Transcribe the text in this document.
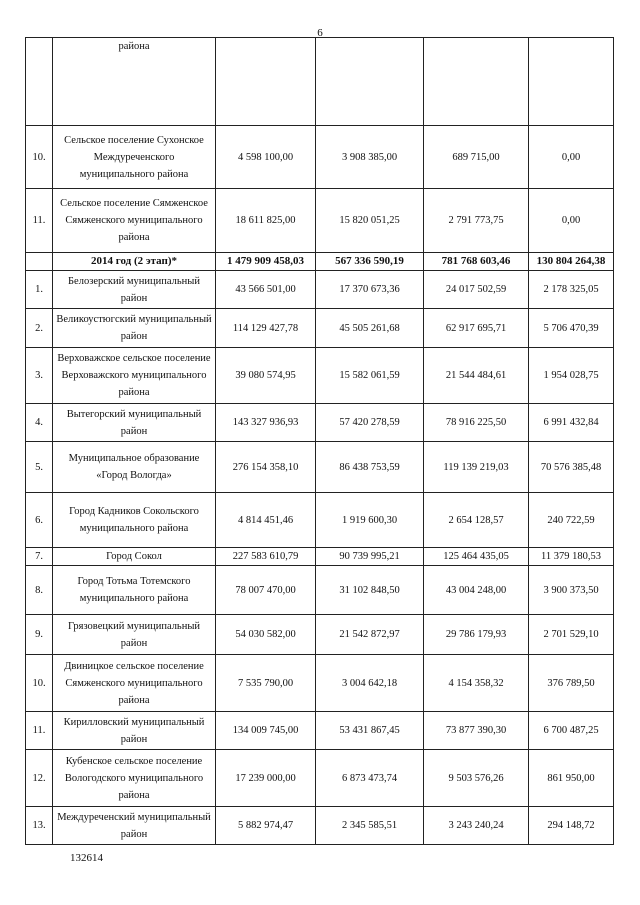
6
	района				
10.	Сельское поселение Сухонское Междуреченского муниципального района	4 598 100,00	3 908 385,00	689 715,00	0,00
11.	Сельское поселение Сямженское Сямженского муниципального района	18 611 825,00	15 820 051,25	2 791 773,75	0,00
	2014 год (2 этап)*	1 479 909 458,03	567 336 590,19	781 768 603,46	130 804 264,38
1.	Белозерский муниципальный район	43 566 501,00	17 370 673,36	24 017 502,59	2 178 325,05
2.	Великоустюгский муниципальный район	114 129 427,78	45 505 261,68	62 917 695,71	5 706 470,39
3.	Верховажское сельское поселение Верховажского муниципального района	39 080 574,95	15 582 061,59	21 544 484,61	1 954 028,75
4.	Вытегорский муниципальный район	143 327 936,93	57 420 278,59	78 916 225,50	6 991 432,84
5.	Муниципальное образование «Город Вологда»	276 154 358,10	86 438 753,59	119 139 219,03	70 576 385,48
6.	Город Кадников Сокольского муниципального района	4 814 451,46	1 919 600,30	2 654 128,57	240 722,59
7.	Город Сокол	227 583 610,79	90 739 995,21	125 464 435,05	11 379 180,53
8.	Город Тотьма Тотемского муниципального района	78 007 470,00	31 102 848,50	43 004 248,00	3 900 373,50
9.	Грязовецкий муниципальный район	54 030 582,00	21 542 872,97	29 786 179,93	2 701 529,10
10.	Двиницкое сельское поселение Сямженского муниципального района	7 535 790,00	3 004 642,18	4 154 358,32	376 789,50
11.	Кирилловский муниципальный район	134 009 745,00	53 431 867,45	73 877 390,30	6 700 487,25
12.	Кубенское сельское поселение Вологодского муниципального района	17 239 000,00	6 873 473,74	9 503 576,26	861 950,00
13.	Междуреченский муниципальный район	5 882 974,47	2 345 585,51	3 243 240,24	294 148,72
132614
